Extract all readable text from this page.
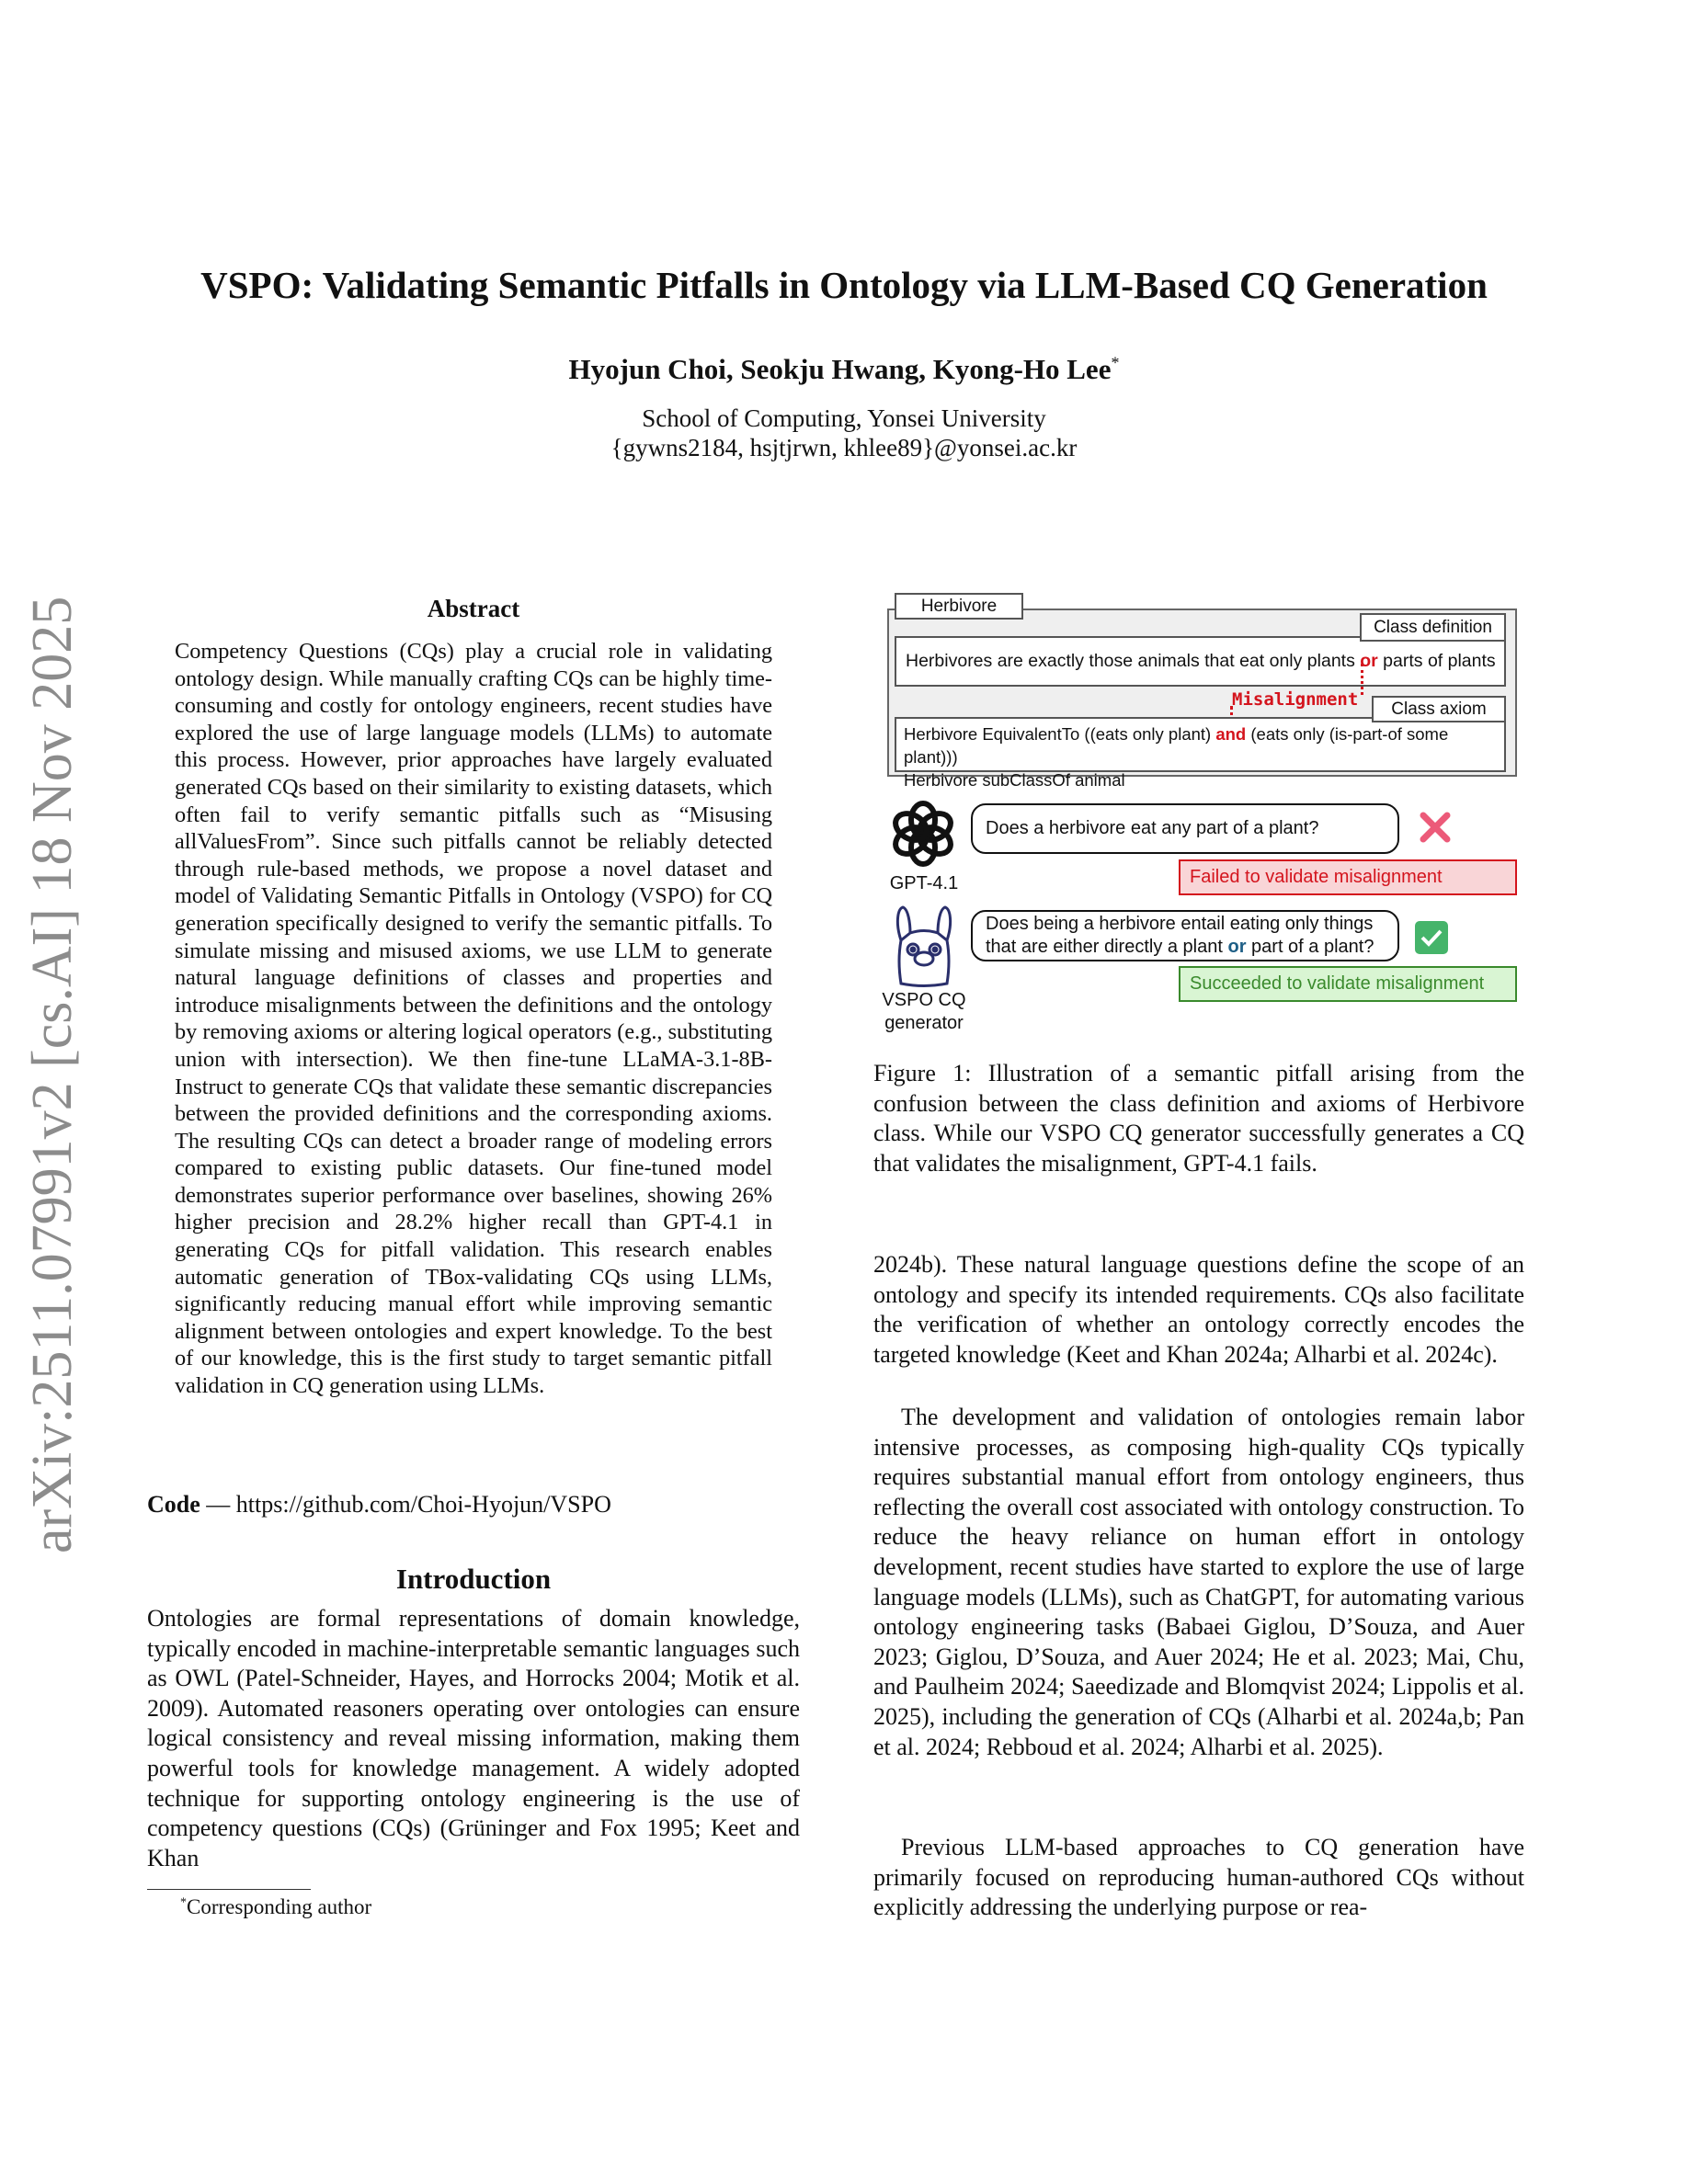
arXiv:2511.07991v2 [cs.AI] 18 Nov 2025
VSPO: Validating Semantic Pitfalls in Ontology via LLM-Based CQ Generation
Hyojun Choi, Seokju Hwang, Kyong-Ho Lee*
School of Computing, Yonsei University
{gywns2184, hsjtjrwn, khlee89}@yonsei.ac.kr
Abstract

Competency Questions (CQs) play a crucial role in validating ontology design. While manually crafting CQs can be highly time-consuming and costly for ontology engineers, recent studies have explored the use of large language models (LLMs) to automate this process. However, prior approaches have largely evaluated generated CQs based on their similarity to existing datasets, which often fail to verify semantic pitfalls such as “Misusing allValuesFrom”. Since such pitfalls cannot be reliably detected through rule-based methods, we propose a novel dataset and model of Validating Semantic Pitfalls in Ontology (VSPO) for CQ generation specifically designed to verify the semantic pitfalls. To simulate missing and misused axioms, we use LLM to generate natural language definitions of classes and properties and introduce misalignments between the definitions and the ontology by removing axioms or altering logical operators (e.g., substituting union with intersection). We then fine-tune LLaMA-3.1-8B-Instruct to generate CQs that validate these semantic discrepancies between the provided definitions and the corresponding axioms. The resulting CQs can detect a broader range of modeling errors compared to existing public datasets. Our fine-tuned model demonstrates superior performance over baselines, showing 26% higher precision and 28.2% higher recall than GPT-4.1 in generating CQs for pitfall validation. This research enables automatic generation of TBox-validating CQs using LLMs, significantly reducing manual effort while improving semantic alignment between ontologies and expert knowledge. To the best of our knowledge, this is the first study to target semantic pitfall validation in CQ generation using LLMs.

Code — https://github.com/Choi-Hyojun/VSPO
Introduction

Ontologies are formal representations of domain knowledge, typically encoded in machine-interpretable semantic languages such as OWL (Patel-Schneider, Hayes, and Horrocks 2004; Motik et al. 2009). Automated reasoners operating over ontologies can ensure logical consistency and reveal missing information, making them powerful tools for knowledge management. A widely adopted technique for supporting ontology engineering is the use of competency questions (CQs) (Grüninger and Fox 1995; Keet and Khan

*Corresponding author
Herbivore
Herbivores are exactly those animals that eat only plants or parts of plants
Class definition
Misalignment
Herbivore EquivalentTo ((eats only plant) and (eats only (is-part-of some plant)))
Herbivore subClassOf animal
Class axiom
GPT-4.1
Does a herbivore eat any part of a plant?
Failed to validate misalignment
VSPO CQ
generator
Does being a herbivore entail eating only things
that are either directly a plant or part of a plant?
Succeeded to validate misalignment

Figure 1: Illustration of a semantic pitfall arising from the confusion between the class definition and axioms of Herbivore class. While our VSPO CQ generator successfully generates a CQ that validates the misalignment, GPT-4.1 fails.

2024b). These natural language questions define the scope of an ontology and specify its intended requirements. CQs also facilitate the verification of whether an ontology correctly encodes the targeted knowledge (Keet and Khan 2024a; Alharbi et al. 2024c).

The development and validation of ontologies remain labor intensive processes, as composing high-quality CQs typically requires substantial manual effort from ontology engineers, thus reflecting the overall cost associated with ontology construction. To reduce the heavy reliance on human effort in ontology development, recent studies have started to explore the use of large language models (LLMs), such as ChatGPT, for automating various ontology engineering tasks (Babaei Giglou, D’Souza, and Auer 2023; Giglou, D’Souza, and Auer 2024; He et al. 2023; Mai, Chu, and Paulheim 2024; Saeedizade and Blomqvist 2024; Lippolis et al. 2025), including the generation of CQs (Alharbi et al. 2024a,b; Pan et al. 2024; Rebboud et al. 2024; Alharbi et al. 2025).

Previous LLM-based approaches to CQ generation have primarily focused on reproducing human-authored CQs without explicitly addressing the underlying purpose or rea-
